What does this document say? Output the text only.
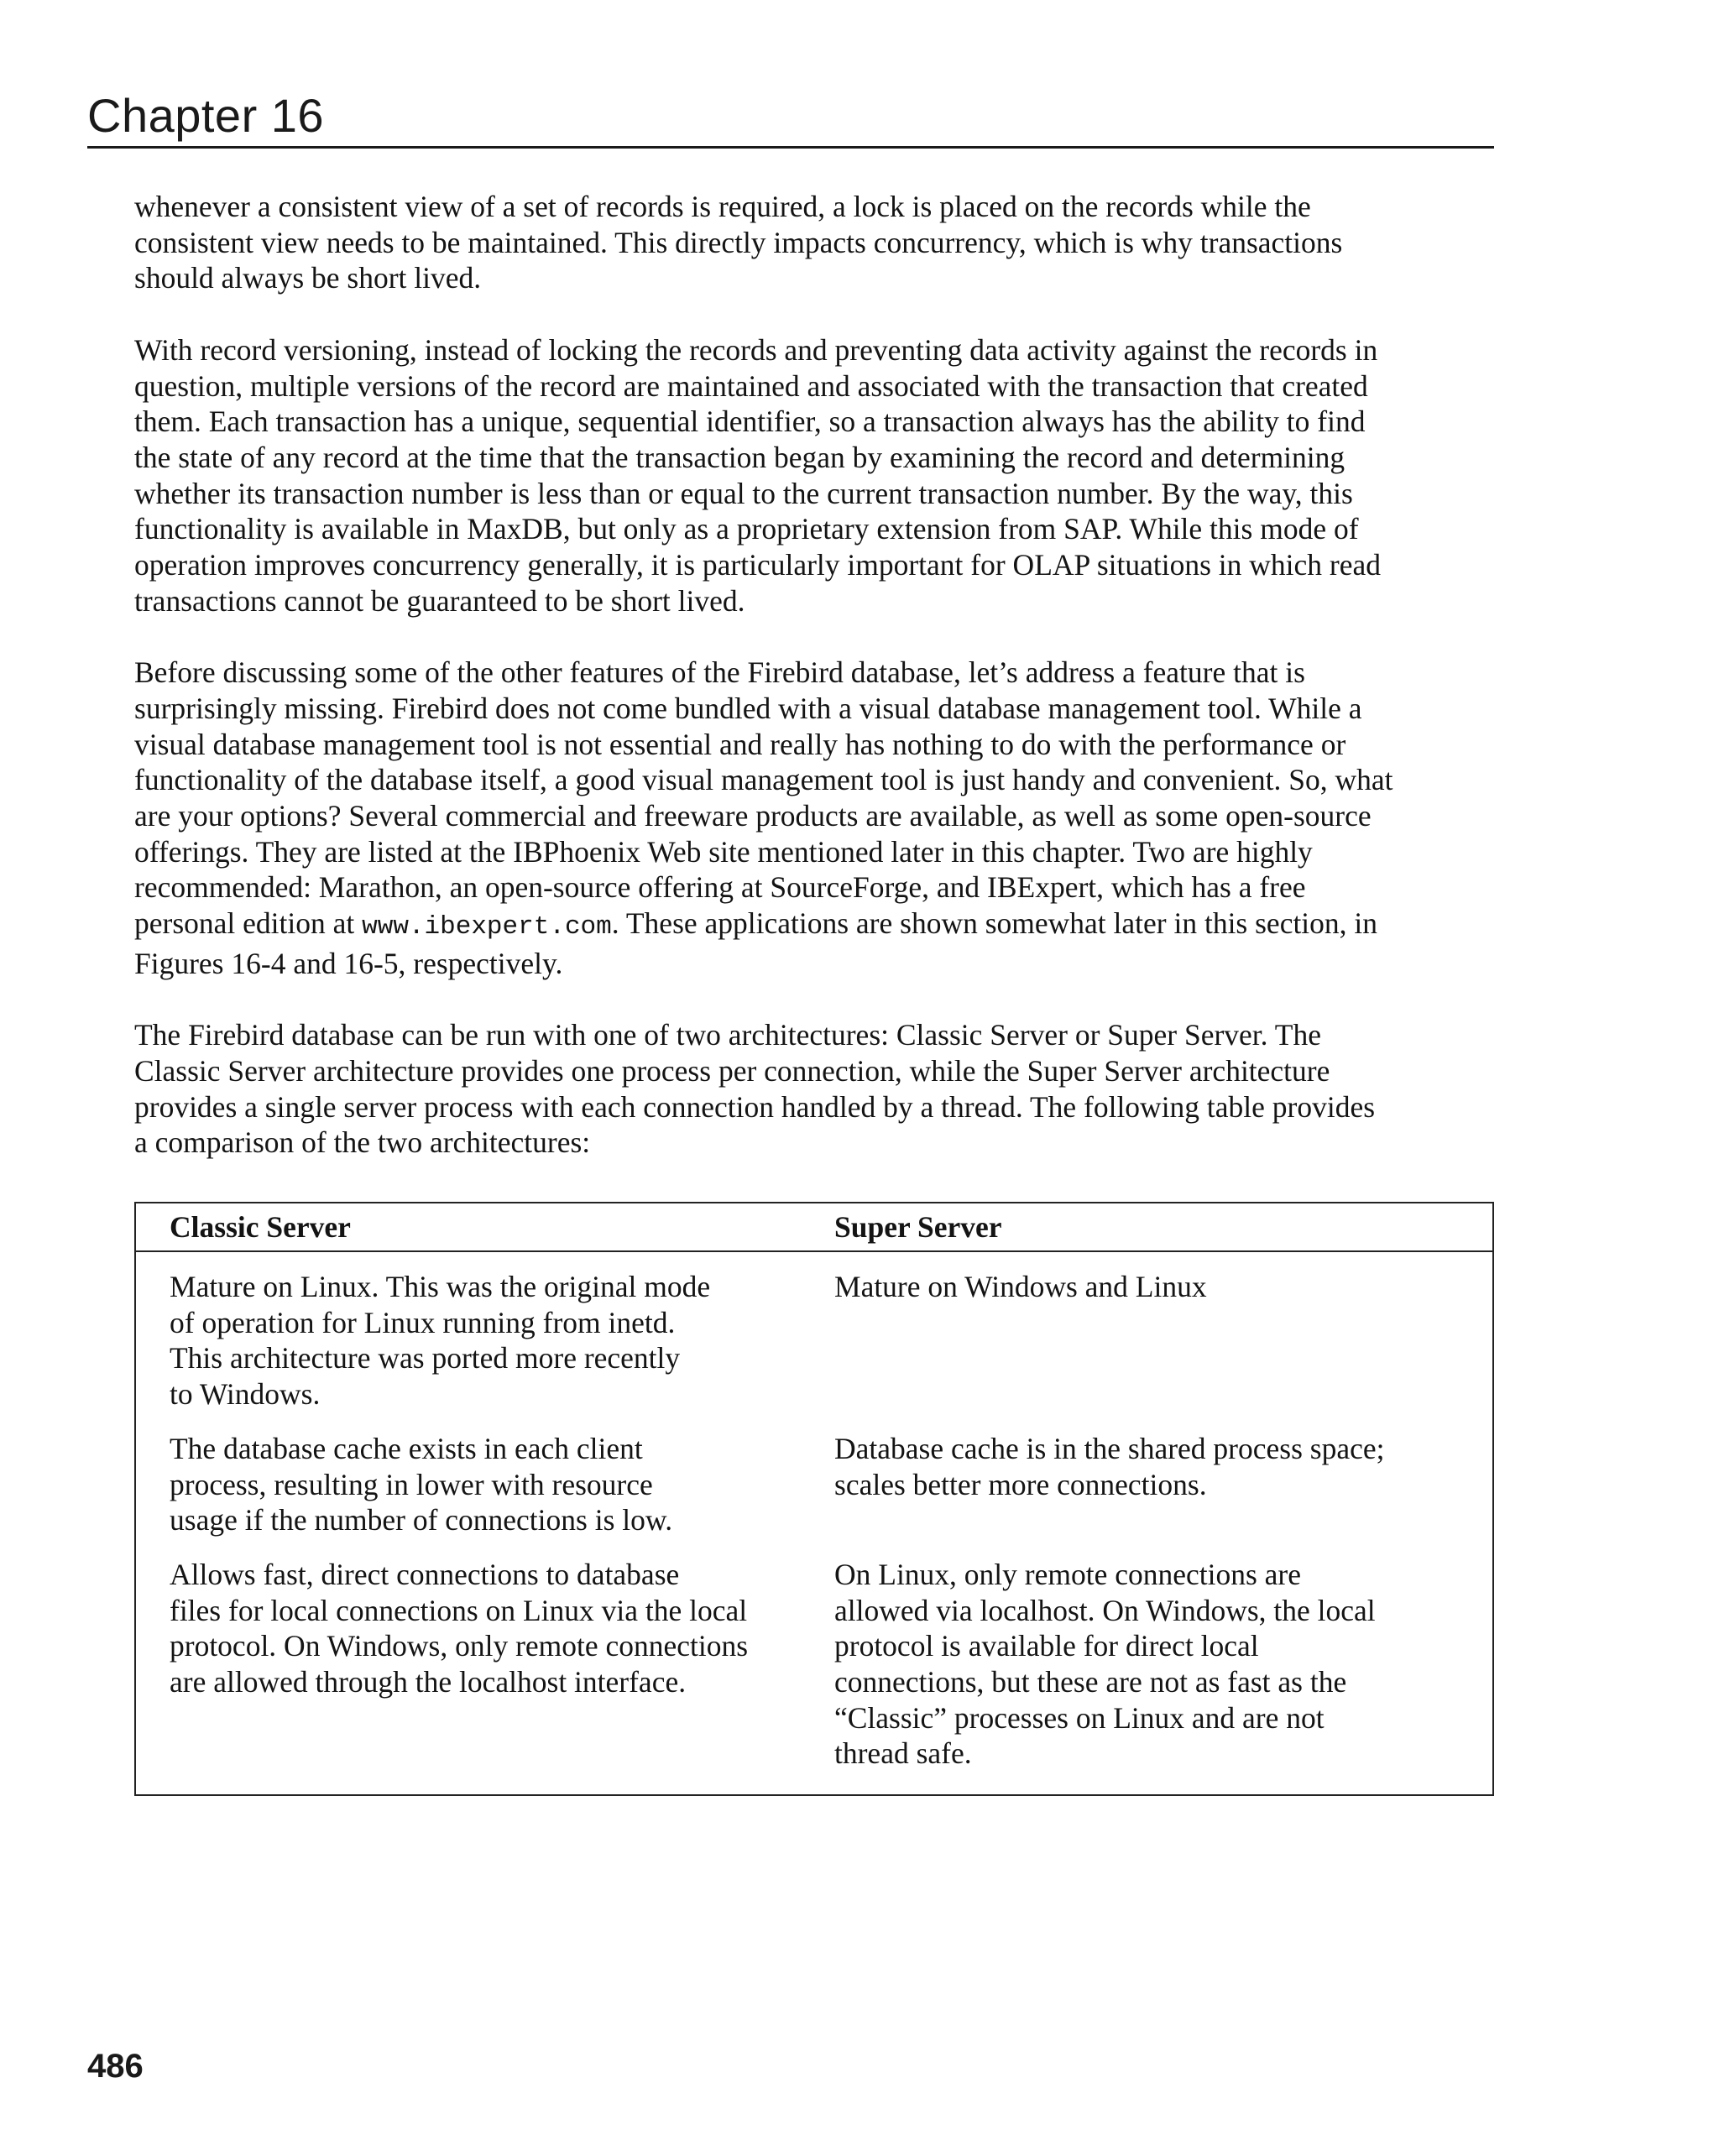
Chapter 16

whenever a consistent view of a set of records is required, a lock is placed on the records while the
consistent view needs to be maintained. This directly impacts concurrency, which is why transactions
should always be short lived.

With record versioning, instead of locking the records and preventing data activity against the records in
question, multiple versions of the record are maintained and associated with the transaction that created
them. Each transaction has a unique, sequential identifier, so a transaction always has the ability to find
the state of any record at the time that the transaction began by examining the record and determining
whether its transaction number is less than or equal to the current transaction number. By the way, this
functionality is available in MaxDB, but only as a proprietary extension from SAP. While this mode of
operation improves concurrency generally, it is particularly important for OLAP situations in which read
transactions cannot be guaranteed to be short lived.

Before discussing some of the other features of the Firebird database, let’s address a feature that is
surprisingly missing. Firebird does not come bundled with a visual database management tool. While a
visual database management tool is not essential and really has nothing to do with the performance or
functionality of the database itself, a good visual management tool is just handy and convenient. So, what
are your options? Several commercial and freeware products are available, as well as some open-source
offerings. They are listed at the IBPhoenix Web site mentioned later in this chapter. Two are highly
recommended: Marathon, an open-source offering at SourceForge, and IBExpert, which has a free
personal edition at www.ibexpert.com. These applications are shown somewhat later in this section, in
Figures 16-4 and 16-5, respectively.

The Firebird database can be run with one of two architectures: Classic Server or Super Server. The
Classic Server architecture provides one process per connection, while the Super Server architecture
provides a single server process with each connection handled by a thread. The following table provides
a comparison of the two architectures:

Classic Server	Super Server
Mature on Linux. This was the original mode
of operation for Linux running from inetd.
This architecture was ported more recently
to Windows.
Mature on Windows and Linux
The database cache exists in each client
process, resulting in lower with resource
usage if the number of connections is low.
Database cache is in the shared process space;
scales better more connections.
Allows fast, direct connections to database
files for local connections on Linux via the local
protocol. On Windows, only remote connections
are allowed through the localhost interface.
On Linux, only remote connections are
allowed via localhost. On Windows, the local
protocol is available for direct local
connections, but these are not as fast as the
“Classic” processes on Linux and are not
thread safe.
486
